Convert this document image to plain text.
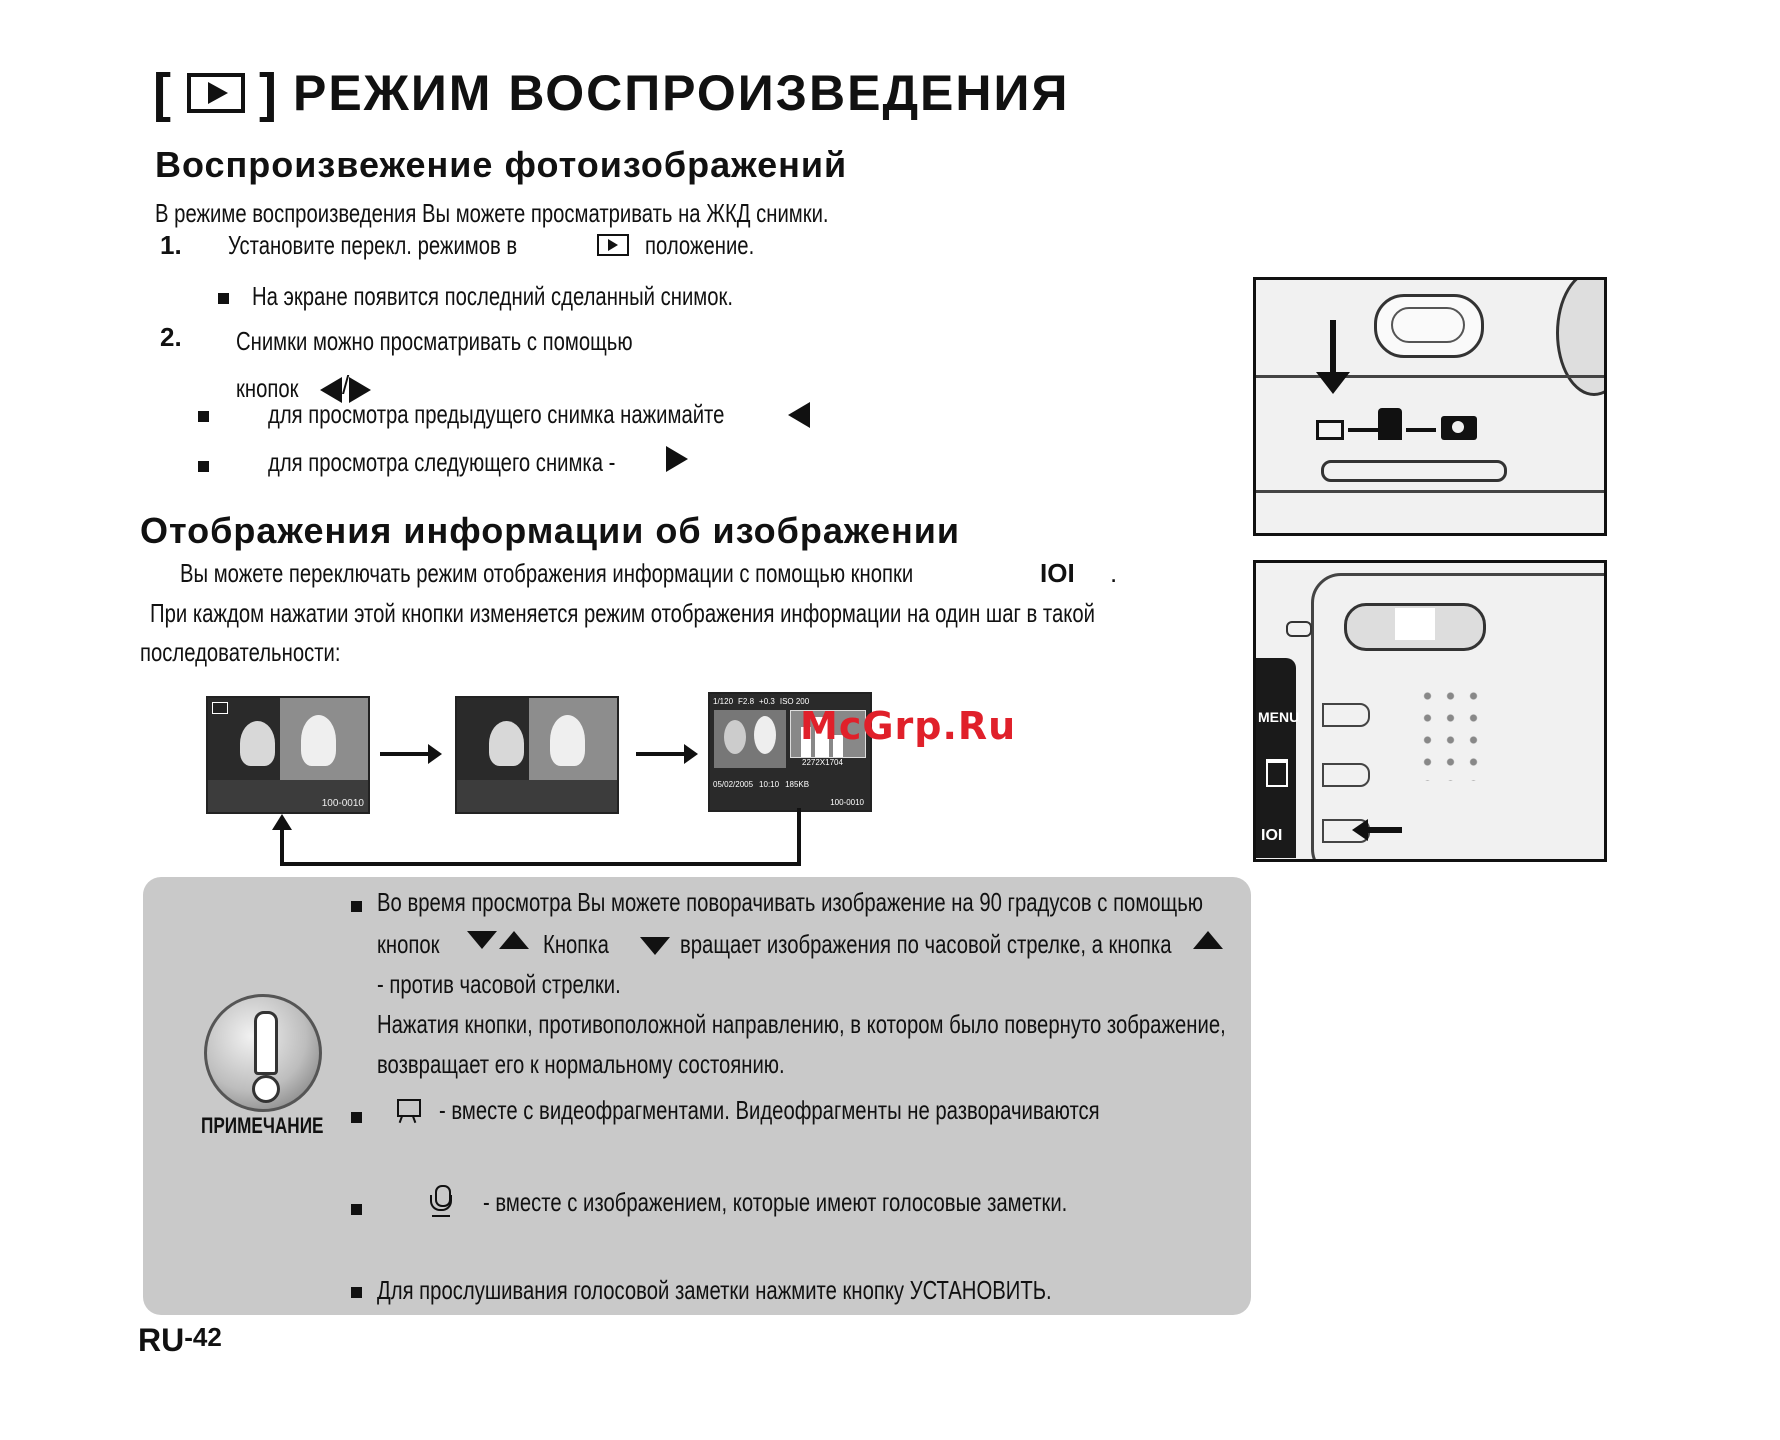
[ ] РЕЖИМ ВОСПРОИЗВЕДЕНИЯ
Воспроизвежение фотоизображений
В режиме воспроизведения Вы можете просматривать на ЖКД снимки.
1. Установите перекл. режимов в	положение.
На экране появится последний сделанный снимок.
2. Снимки можно просматривать с помощью
кнопок	/
для просмотра предыдущего снимка нажимайте
для просмотра следующего снимка -
Отображения информации об изображении
Вы можете переключать режим отображения информации с помощью кнопки	IOI .
При каждом нажатии этой кнопки изменяется режим отображения информации на один шаг в такой
последовательности:
100-0010
1/120 F2.8 +0.3 ISO 200
2272X1704
05/02/2005 10:10 185KB
100-0010
MENU
IOI
McGrp.Ru
ПРИМЕЧАНИЕ
Во время просмотра Вы можете поворачивать изображение на 90 градусов с помощью
кнопок	Кнопка	вращает изображения по часовой стрелке, а кнопка
- против часовой стрелки.
Нажатия кнопки, противоположной направлению, в котором было повернуто зображение,
возвращает его к нормальному состоянию.
- вместе с видеофрагментами. Видеофрагменты не разворачиваются
- вместе с изображением, которые имеют голосовые заметки.
Для прослушивания голосовой заметки нажмите кнопку УСТАНОВИТЬ.
$RU^{-42}$
